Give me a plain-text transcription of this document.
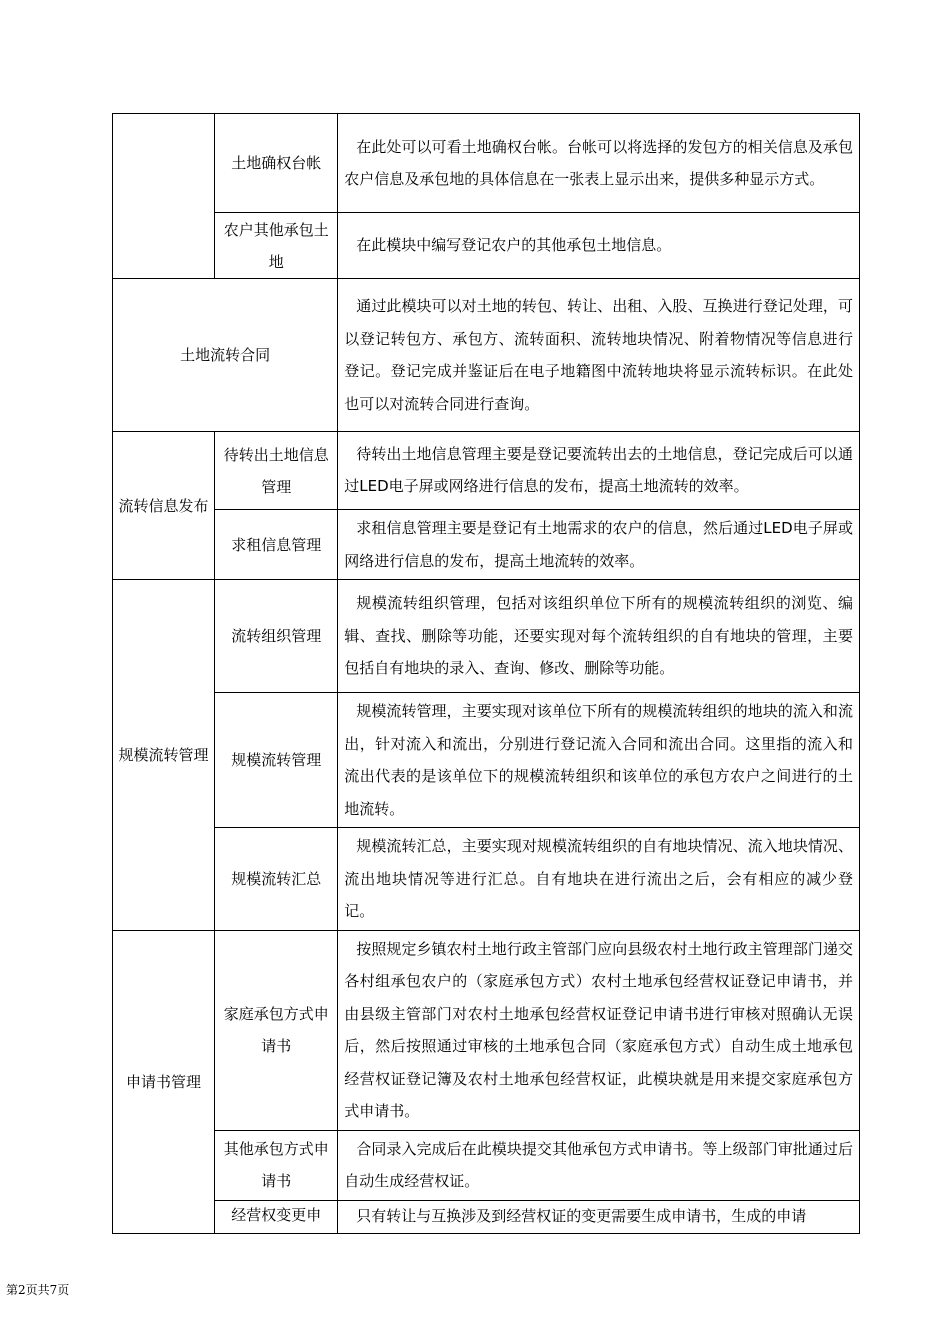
	土地确权台帐	在此处可以可看土地确权台帐。台帐可以将选择的发包方的相关信息及承包农户信息及承包地的具体信息在一张表上显示出来，提供多种显示方式。
	农户其他承包土地	在此模块中编写登记农户的其他承包土地信息。
土地流转合同		通过此模块可以对土地的转包、转让、出租、入股、互换进行登记处理，可以登记转包方、承包方、流转面积、流转地块情况、附着物情况等信息进行登记。登记完成并鉴证后在电子地籍图中流转地块将显示流转标识。在此处也可以对流转合同进行查询。
流转信息发布	待转出土地信息管理	待转出土地信息管理主要是登记要流转出去的土地信息，登记完成后可以通过LED电子屏或网络进行信息的发布，提高土地流转的效率。

	求租信息管理	求租信息管理主要是登记有土地需求的农户的信息，然后通过LED电子屏或网络进行信息的发布，提高土地流转的效率。
规模流转管理	流转组织管理	规模流转组织管理，包括对该组织单位下所有的规模流转组织的浏览、编辑、查找、删除等功能，还要实现对每个流转组织的自有地块的管理，主要包括自有地块的录入、查询、修改、删除等功能。
	规模流转管理	规模流转管理，主要实现对该单位下所有的规模流转组织的地块的流入和流出，针对流入和流出，分别进行登记流入合同和流出合同。这里指的流入和流出代表的是该单位下的规模流转组织和该单位的承包方农户之间进行的土地流转。
	规模流转汇总	规模流转汇总，主要实现对规模流转组织的自有地块情况、流入地块情况、流出地块情况等进行汇总。自有地块在进行流出之后，会有相应的减少登记。
申请书管理	家庭承包方式申请书	按照规定乡镇农村土地行政主管部门应向县级农村土地行政主管理部门递交各村组承包农户的（家庭承包方式）农村土地承包经营权证登记申请书，并由县级主管部门对农村土地承包经营权证登记申请书进行审核对照确认无误后，然后按照通过审核的土地承包合同（家庭承包方式）自动生成土地承包经营权证登记簿及农村土地承包经营权证，此模块就是用来提交家庭承包方式申请书。
	其他承包方式申请书	合同录入完成后在此模块提交其他承包方式申请书。等上级部门审批通过后自动生成经营权证。

	经营权变更申	只有转让与互换涉及到经营权证的变更需要生成申请书，生成的申请
第2页共7页
